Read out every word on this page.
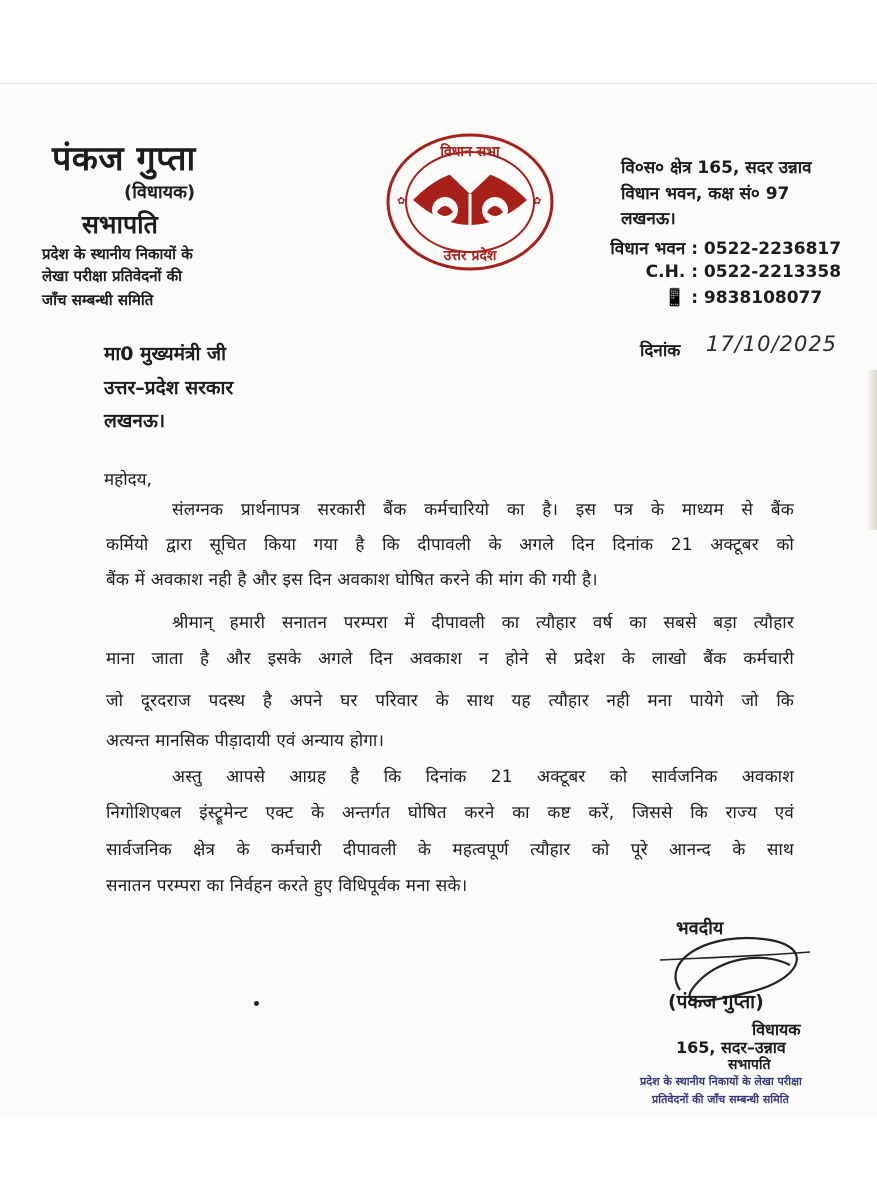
पंकज गुप्ता
(विधायक)
सभापति
प्रदेश के स्थानीय निकायों के
लेखा परीक्षा प्रतिवेदनों की
जाँच सम्बन्धी समिति
✿	✿
विधान सभा
उत्तर प्रदेश
वि०स० क्षेत्र 165, सदर उन्नाव
विधान भवन, कक्ष सं० 97
लखनऊ।
विधान भवन : 0522-2236817
C.H. : 0522-2213358
📱 : 9838108077
दिनांक 17/10/2025
मा0 मुख्यमंत्री जी
उत्तर–प्रदेश सरकार
लखनऊ।
महोदय,
संलग्नक प्रार्थनापत्र सरकारी बैंक कर्मचारियो का है। इस पत्र के माध्यम से बैंक
कर्मियो द्वारा सूचित किया गया है कि दीपावली के अगले दिन दिनांक 21 अक्टूबर को
बैंक में अवकाश नही है और इस दिन अवकाश घोषित करने की मांग की गयी है।
श्रीमान् हमारी सनातन परम्परा में दीपावली का त्यौहार वर्ष का सबसे बड़ा त्यौहार
माना जाता है और इसके अगले दिन अवकाश न होने से प्रदेश के लाखो बैंक कर्मचारी
जो दूरदराज पदस्थ है अपने घर परिवार के साथ यह त्यौहार नही मना पायेगे जो कि
अत्यन्त मानसिक पीड़ादायी एवं अन्याय होगा।
अस्तु आपसे आग्रह है कि दिनांक 21 अक्टूबर को सार्वजनिक अवकाश
निगोशिएबल इंस्ट्रूमेन्ट एक्ट के अन्तर्गत घोषित करने का कष्ट करें, जिससे कि राज्य एवं
सार्वजनिक क्षेत्र के कर्मचारी दीपावली के महत्वपूर्ण त्यौहार को पूरे आनन्द के साथ
सनातन परम्परा का निर्वहन करते हुए विधिपूर्वक मना सके।
भवदीय
(पंकज गुप्ता)
विधायक
165, सदर–उन्नाव
सभापति
प्रदेश के स्थानीय निकायों के लेखा परीक्षा
प्रतिवेदनों की जाँच सम्बन्धी समिति
